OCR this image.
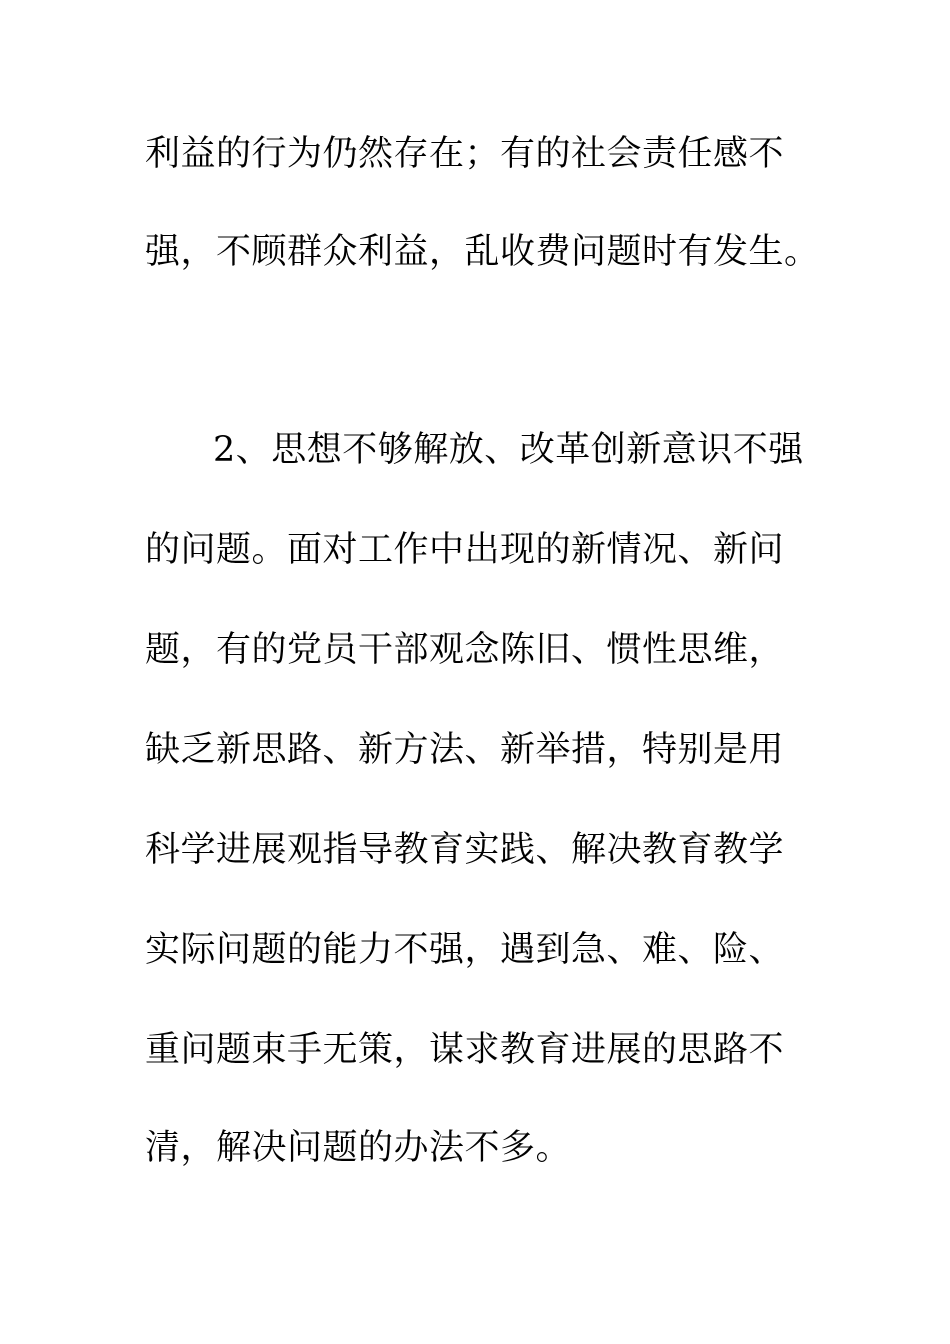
利益的行为仍然存在；有的社会责任感不
强，不顾群众利益，乱收费问题时有发生。
2、思想不够解放、改革创新意识不强
的问题。面对工作中出现的新情况、新问
题，有的党员干部观念陈旧、惯性思维，
缺乏新思路、新方法、新举措，特别是用
科学进展观指导教育实践、解决教育教学
实际问题的能力不强，遇到急、难、险、
重问题束手无策，谋求教育进展的思路不
清，解决问题的办法不多。
